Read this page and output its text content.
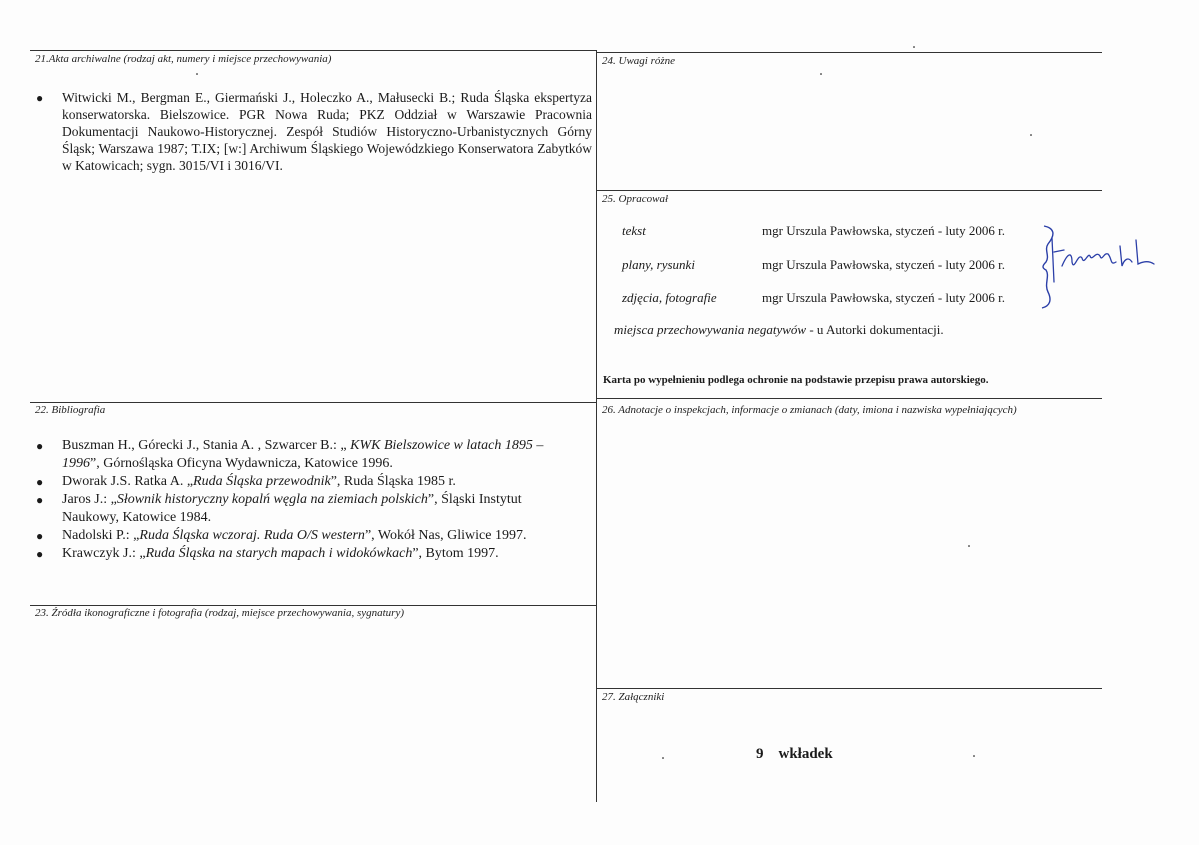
21.Akta archiwalne (rodzaj akt, numery i miejsce przechowywania)
● Witwicki M., Bergman E., Giermański J., Holeczko A., Małusecki B.; Ruda Śląska ekspertyza konserwatorska. Bielszowice. PGR Nowa Ruda; PKZ Oddział w Warszawie Pracownia Dokumentacji Naukowo-Historycznej. Zespół Studiów Historyczno-Urbanistycznych Górny Śląsk; Warszawa 1987; T.IX; [w:] Archiwum Śląskiego Wojewódzkiego Konserwatora Zabytków w Katowicach; sygn. 3015/VI i 3016/VI.
22. Bibliografia
● Buszman H., Górecki J., Stania A. , Szwarcer B.: „ KWK Bielszowice w latach 1895 – 1996”, Górnośląska Oficyna Wydawnicza, Katowice 1996.
● Dworak J.S. Ratka A. „Ruda Śląska przewodnik”, Ruda Śląska 1985 r.
● Jaros J.: „Słownik historyczny kopalń węgla na ziemiach polskich”, Śląski Instytut Naukowy, Katowice 1984.
● Nadolski P.: „Ruda Śląska wczoraj. Ruda O/S western”, Wokół Nas, Gliwice 1997.
● Krawczyk J.: „Ruda Śląska na starych mapach i widokówkach”, Bytom 1997.
23. Źródła ikonograficzne i fotografia (rodzaj, miejsce przechowywania, sygnatury)
24. Uwagi różne
25. Opracował
tekst	mgr Urszula Pawłowska, styczeń - luty 2006 r.
plany, rysunki	mgr Urszula Pawłowska, styczeń - luty 2006 r.
zdjęcia, fotografie	mgr Urszula Pawłowska, styczeń - luty 2006 r.
miejsca przechowywania negatywów - u Autorki dokumentacji.
Karta po wypełnieniu podlega ochronie na podstawie przepisu prawa autorskiego.
26. Adnotacje o inspekcjach, informacje o zmianach (daty, imiona i nazwiska wypełniających)
27. Załączniki
9 wkładek
